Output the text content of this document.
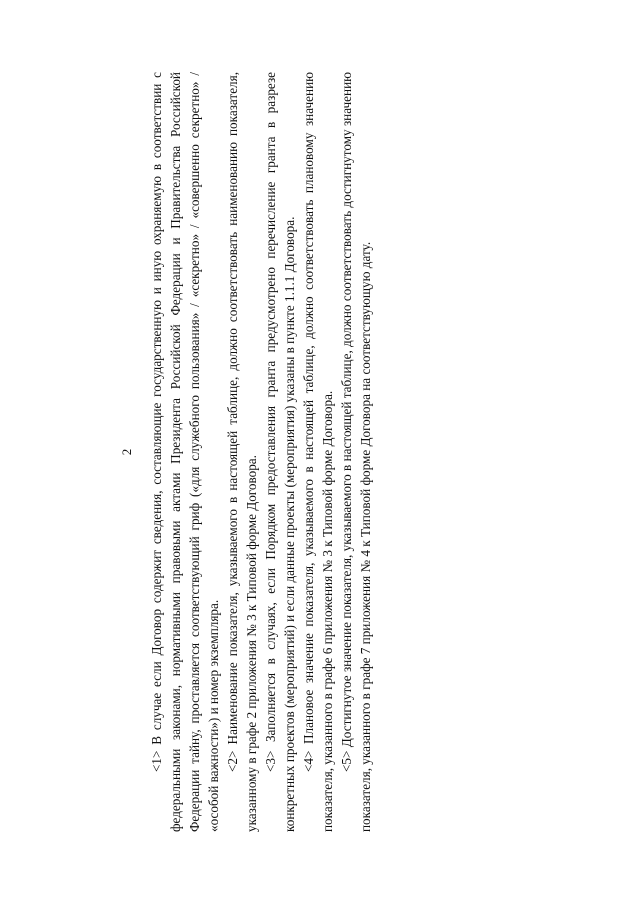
2

<1> В случае если Договор содержит сведения, составляющие государственную и иную охраняемую в соответствии с федеральными законами, нормативными правовыми актами Президента Российской Федерации и Правительства Российской Федерации тайну, проставляется соответствующий гриф («для служебного пользования» / «секретно» / «совершенно секретно» / «особой важности») и номер экземпляра. <2> Наименование показателя, указываемого в настоящей таблице, должно соответствовать наименованию показателя, указанному в графе 2 приложения № 3 к Типовой форме Договора. <3> Заполняется в случаях, если Порядком предоставления гранта предусмотрено перечисление гранта в разрезе конкретных проектов (мероприятий) и если данные проекты (мероприятия) указаны в пункте 1.1.1 Договора. <4> Плановое значение показателя, указываемого в настоящей таблице, должно соответствовать плановому значению показателя, указанного в графе 6 приложения № 3 к Типовой форме Договора. <5> Достигнутое значение показателя, указываемого в настоящей таблице, должно соответствовать достигнутому значению показателя, указанного в графе 7 приложения № 4 к Типовой форме Договора на соответствующую дату.
